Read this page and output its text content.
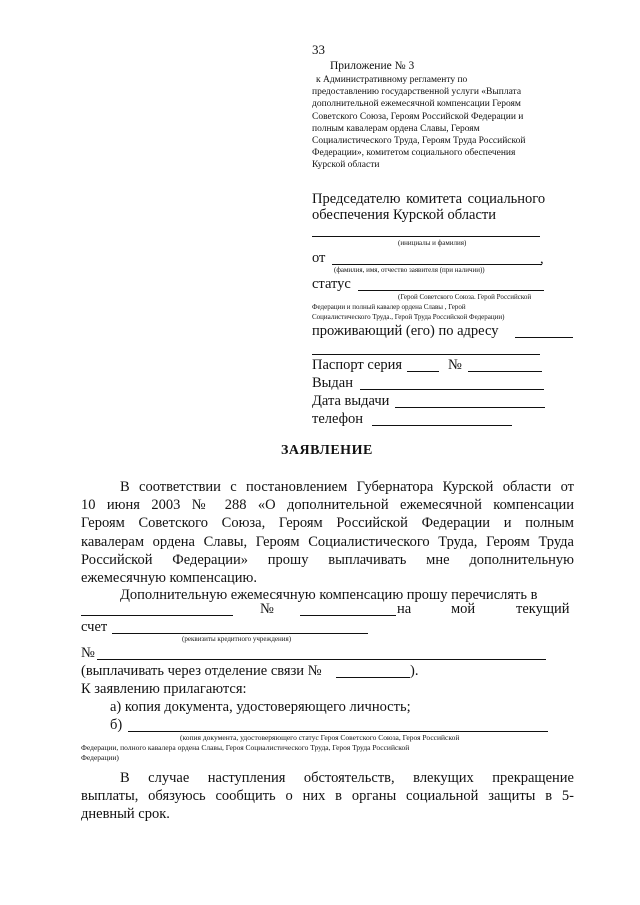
33
Приложение № 3
к Административному регламенту по
предоставлению государственной услуги «Выплата
дополнительной ежемесячной компенсации Героям
Советского Союза, Героям Российской Федерации и
полным кавалерам ордена Славы, Героям
Социалистического Труда, Героям Труда Российской
Федерации», комитетом социального обеспечения
Курской области
Председателю комитета социального
обеспечения Курской области
(инициалы и фамилия)
от	,
(фамилия, имя, отчество заявителя (при наличии))
статус
(Герой Советского Союза. Герой Российской
Федерации и полный кавалер ордена Славы , Герой
Социалистического Труда., Герой Труда Российской Федерации)
проживающий (его) по адресу
Паспорт серия	№
Выдан
Дата выдачи
телефон
ЗАЯВЛЕНИЕ
В соответствии с постановлением Губернатора Курской области от
10 июня 2003 № 288 «О дополнительной ежемесячной компенсации
Героям Советского Союза, Героям Российской Федерации и полным
кавалерам ордена Славы, Героям Социалистического Труда, Героям Труда
Российской Федерации» прошу выплачивать мне дополнительную
ежемесячную компенсацию.
Дополнительную ежемесячную компенсацию прошу перечислять в
№	на	мой	текущий
счет
(реквизиты кредитного учреждения)
№
(выплачивать через отделение связи №	).
К заявлению прилагаются:
а) копия документа, удостоверяющего личность;
б)
(копия документа, удостоверяющего статус Героя Советского Союза, Героя Российской
Федерации, полного кавалера ордена Славы, Героя Социалистического Труда, Героя Труда Российской
Федерации)
В случае наступления обстоятельств, влекущих прекращение
выплаты, обязуюсь сообщить о них в органы социальной защиты в 5-
дневный срок.
